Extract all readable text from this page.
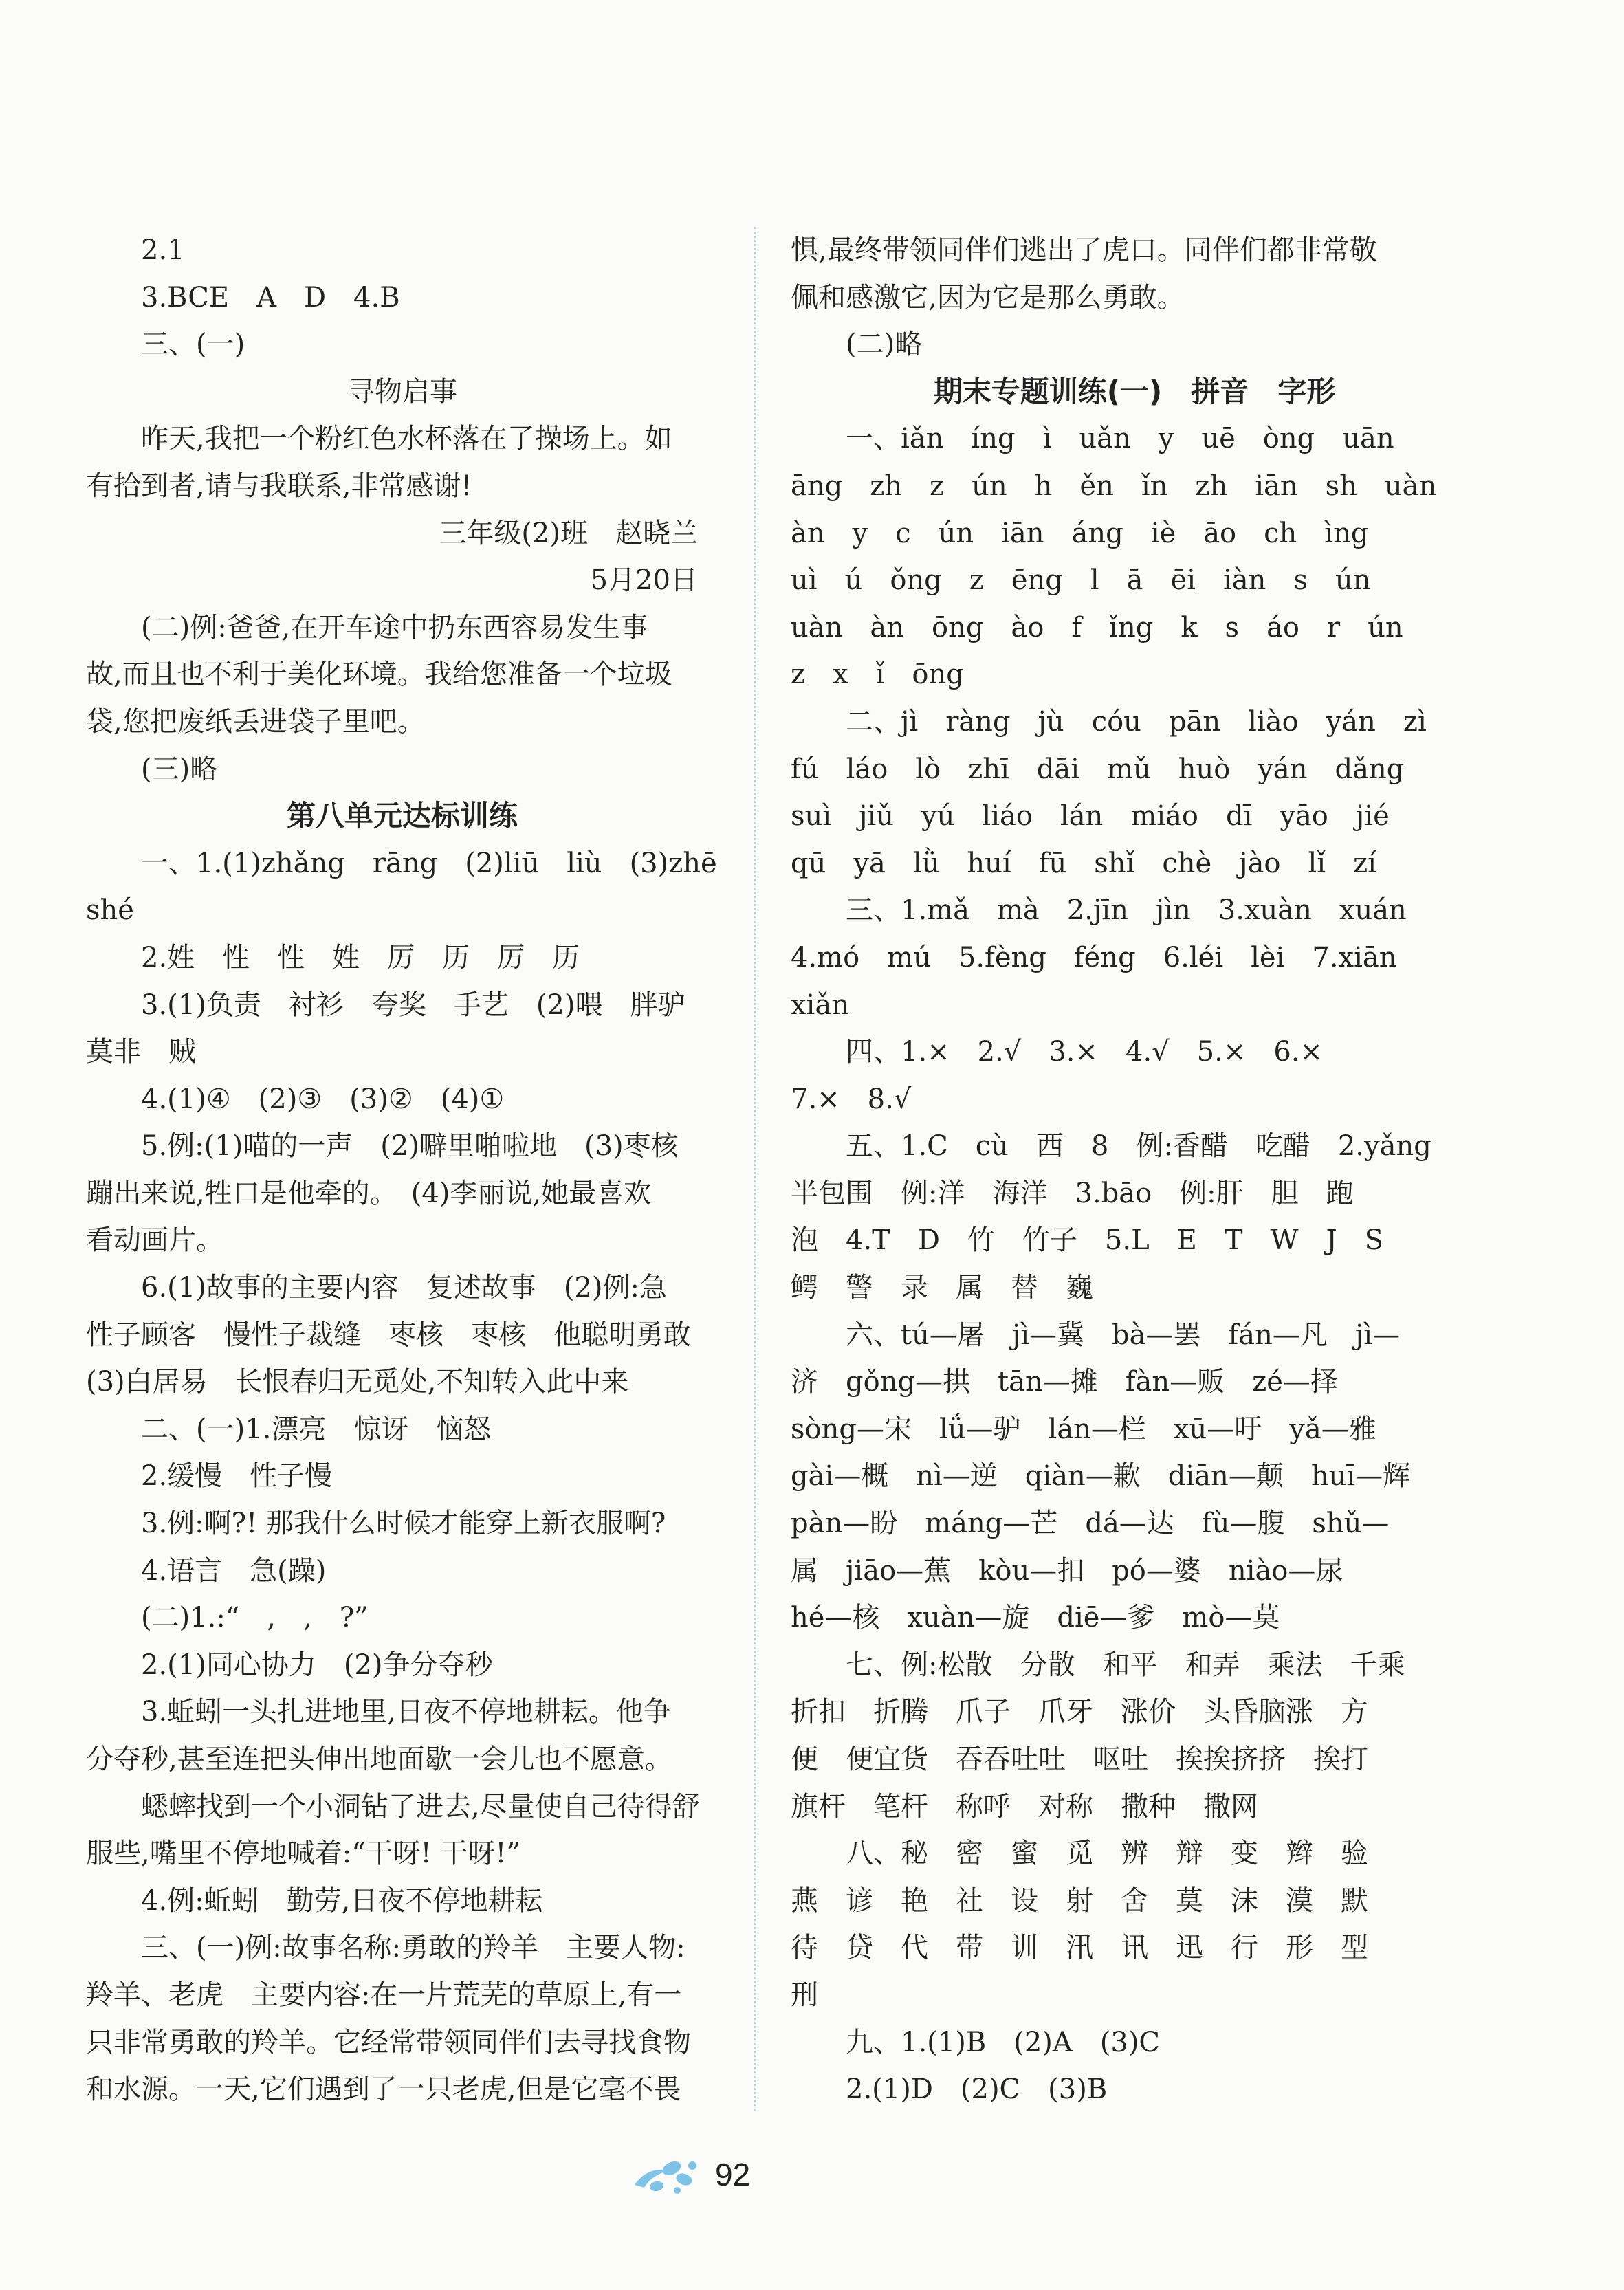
2.1
3.BCE　A　D　4.B
三、(一)
寻物启事
昨天,我把一个粉红色水杯落在了操场上。如
有拾到者,请与我联系,非常感谢!
三年级(2)班　赵晓兰
5月20日
(二)例:爸爸,在开车途中扔东西容易发生事
故,而且也不利于美化环境。我给您准备一个垃圾
袋,您把废纸丢进袋子里吧。
(三)略
第八单元达标训练
一、1.(1)zhǎng　rāng　(2)liū　liù　(3)zhē
shé
2.姓　性　性　姓　厉　历　厉　历
3.(1)负责　衬衫　夸奖　手艺　(2)喂　胖驴
莫非　贼
4.(1)④　(2)③　(3)②　(4)①
5.例:(1)喵的一声　(2)噼里啪啦地　(3)枣核
蹦出来说,牲口是他牵的。　(4)李丽说,她最喜欢
看动画片。
6.(1)故事的主要内容　复述故事　(2)例:急
性子顾客　慢性子裁缝　枣核　枣核　他聪明勇敢
(3)白居易　长恨春归无觅处,不知转入此中来
二、(一)1.漂亮　惊讶　恼怒
2.缓慢　性子慢
3.例:啊?! 那我什么时候才能穿上新衣服啊?
4.语言　急(躁)
(二)1.:“　,　,　?”
2.(1)同心协力　(2)争分夺秒
3.蚯蚓一头扎进地里,日夜不停地耕耘。他争
分夺秒,甚至连把头伸出地面歇一会儿也不愿意。
蟋蟀找到一个小洞钻了进去,尽量使自己待得舒
服些,嘴里不停地喊着:“干呀! 干呀!”
4.例:蚯蚓　勤劳,日夜不停地耕耘
三、(一)例:故事名称:勇敢的羚羊　主要人物:
羚羊、老虎　主要内容:在一片荒芜的草原上,有一
只非常勇敢的羚羊。它经常带领同伴们去寻找食物
和水源。一天,它们遇到了一只老虎,但是它毫不畏
惧,最终带领同伴们逃出了虎口。同伴们都非常敬
佩和感激它,因为它是那么勇敢。
(二)略
期末专题训练(一)　拼音　字形
一、iǎn　íng　ì　uǎn　y　uē　òng　uān
āng　zh　z　ún　h　ěn　ǐn　zh　iān　sh　uàn
àn　y　c　ún　iān　áng　iè　āo　ch　ìng
uì　ú　ǒng　z　ēng　l　ā　ēi　iàn　s　ún
uàn　àn　ōng　ào　f　ǐng　k　s　áo　r　ún
z　x　ǐ　ōng
二、jì　ràng　jù　cóu　pān　liào　yán　zì
fú　láo　lò　zhī　dāi　mǔ　huò　yán　dǎng
suì　jiǔ　yú　liáo　lán　miáo　dī　yāo　jié
qū　yā　lǜ　huí　fū　shǐ　chè　jào　lǐ　zí
三、1.mǎ　mà　2.jīn　jìn　3.xuàn　xuán
4.mó　mú　5.fèng　féng　6.léi　lèi　7.xiān
xiǎn
四、1.×　2.√　3.×　4.√　5.×　6.×
7.×　8.√
五、1.C　cù　西　8　例:香醋　吃醋　2.yǎng
半包围　例:洋　海洋　3.bāo　例:肝　胆　跑
泡　4.T　D　竹　竹子　5.L　E　T　W　J　S
鳄　警　录　属　替　巍
六、tú—屠　jì—冀　bà—罢　fán—凡　jì—
济　gǒng—拱　tān—摊　fàn—贩　zé—择
sòng—宋　lǘ—驴　lán—栏　xū—吁　yǎ—雅
gài—概　nì—逆　qiàn—歉　diān—颠　huī—辉
pàn—盼　máng—芒　dá—达　fù—腹　shǔ—
属　jiāo—蕉　kòu—扣　pó—婆　niào—尿
hé—核　xuàn—旋　diē—爹　mò—莫
七、例:松散　分散　和平　和弄　乘法　千乘
折扣　折腾　爪子　爪牙　涨价　头昏脑涨　方
便　便宜货　吞吞吐吐　呕吐　挨挨挤挤　挨打
旗杆　笔杆　称呼　对称　撒种　撒网
八、秘　密　蜜　觅　辨　辩　变　辫　验
燕　谚　艳　社　设　射　舍　莫　沫　漠　默
待　贷　代　带　训　汛　讯　迅　行　形　型
刑
九、1.(1)B　(2)A　(3)C
2.(1)D　(2)C　(3)B
92
